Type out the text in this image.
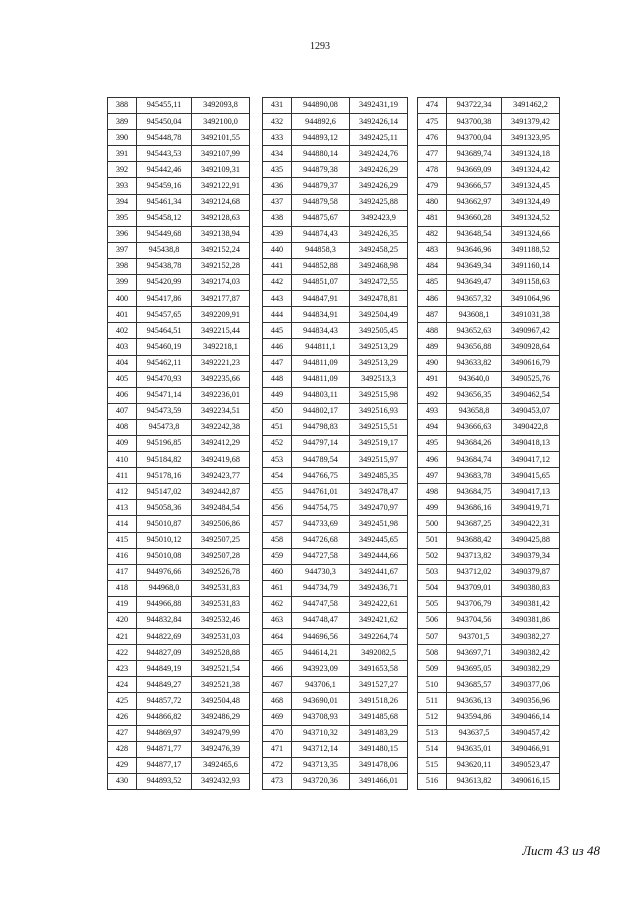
1293
388	945455,11	3492093,8
389	945450,04	3492100,0
390	945448,78	3492101,55
391	945443,53	3492107,99
392	945442,46	3492109,31
393	945459,16	3492122,91
394	945461,34	3492124,68
395	945458,12	3492128,63
396	945449,68	3492138,94
397	945438,8	3492152,24
398	945438,78	3492152,28
399	945420,99	3492174,03
400	945417,86	3492177,87
401	945457,65	3492209,91
402	945464,51	3492215,44
403	945460,19	3492218,1
404	945462,11	3492221,23
405	945470,93	3492235,66
406	945471,14	3492236,01
407	945473,59	3492234,51
408	945473,8	3492242,38
409	945196,85	3492412,29
410	945184,82	3492419,68
411	945178,16	3492423,77
412	945147,02	3492442,87
413	945058,36	3492484,54
414	945010,87	3492506,86
415	945010,12	3492507,25
416	945010,08	3492507,28
417	944976,66	3492526,78
418	944968,0	3492531,83
419	944966,88	3492531,83
420	944832,84	3492532,46
421	944822,69	3492531,03
422	944827,09	3492528,88
423	944849,19	3492521,54
424	944849,27	3492521,38
425	944857,72	3492504,48
426	944866,82	3492486,29
427	944869,97	3492479,99
428	944871,77	3492476,39
429	944877,17	3492465,6
430	944893,52	3492432,93
431	944890,08	3492431,19
432	944892,6	3492426,14
433	944893,12	3492425,11
434	944880,14	3492424,76
435	944879,38	3492426,29
436	944879,37	3492426,29
437	944879,58	3492425,88
438	944875,67	3492423,9
439	944874,43	3492426,35
440	944858,3	3492458,25
441	944852,88	3492468,98
442	944851,07	3492472,55
443	944847,91	3492478,81
444	944834,91	3492504,49
445	944834,43	3492505,45
446	944811,1	3492513,29
447	944811,09	3492513,29
448	944811,09	3492513,3
449	944803,11	3492515,98
450	944802,17	3492516,93
451	944798,83	3492515,51
452	944797,14	3492519,17
453	944789,54	3492515,97
454	944766,75	3492485,35
455	944761,01	3492478,47
456	944754,75	3492470,97
457	944733,69	3492451,98
458	944726,68	3492445,65
459	944727,58	3492444,66
460	944730,3	3492441,67
461	944734,79	3492436,71
462	944747,58	3492422,61
463	944748,47	3492421,62
464	944696,56	3492264,74
465	944614,21	3492082,5
466	943923,09	3491653,58
467	943706,1	3491527,27
468	943690,01	3491518,26
469	943708,93	3491485,68
470	943710,32	3491483,29
471	943712,14	3491480,15
472	943713,35	3491478,06
473	943720,36	3491466,01
474	943722,34	3491462,2
475	943700,38	3491379,42
476	943700,04	3491323,95
477	943689,74	3491324,18
478	943669,09	3491324,42
479	943666,57	3491324,45
480	943662,97	3491324,49
481	943660,28	3491324,52
482	943648,54	3491324,66
483	943646,96	3491188,52
484	943649,34	3491160,14
485	943649,47	3491158,63
486	943657,32	3491064,96
487	943608,1	3491031,38
488	943652,63	3490967,42
489	943656,88	3490928,64
490	943633,82	3490616,79
491	943640,0	3490525,76
492	943656,35	3490462,54
493	943658,8	3490453,07
494	943666,63	3490422,8
495	943684,26	3490418,13
496	943684,74	3490417,12
497	943683,78	3490415,65
498	943684,75	3490417,13
499	943686,16	3490419,71
500	943687,25	3490422,31
501	943688,42	3490425,88
502	943713,82	3490379,34
503	943712,02	3490379,87
504	943709,01	3490380,83
505	943706,79	3490381,42
506	943704,56	3490381,86
507	943701,5	3490382,27
508	943697,71	3490382,42
509	943695,05	3490382,29
510	943685,57	3490377,06
511	943636,13	3490356,96
512	943594,86	3490466,14
513	943637,5	3490457,42
514	943635,01	3490466,91
515	943620,11	3490523,47
516	943613,82	3490616,15
Лист 43 из 48
